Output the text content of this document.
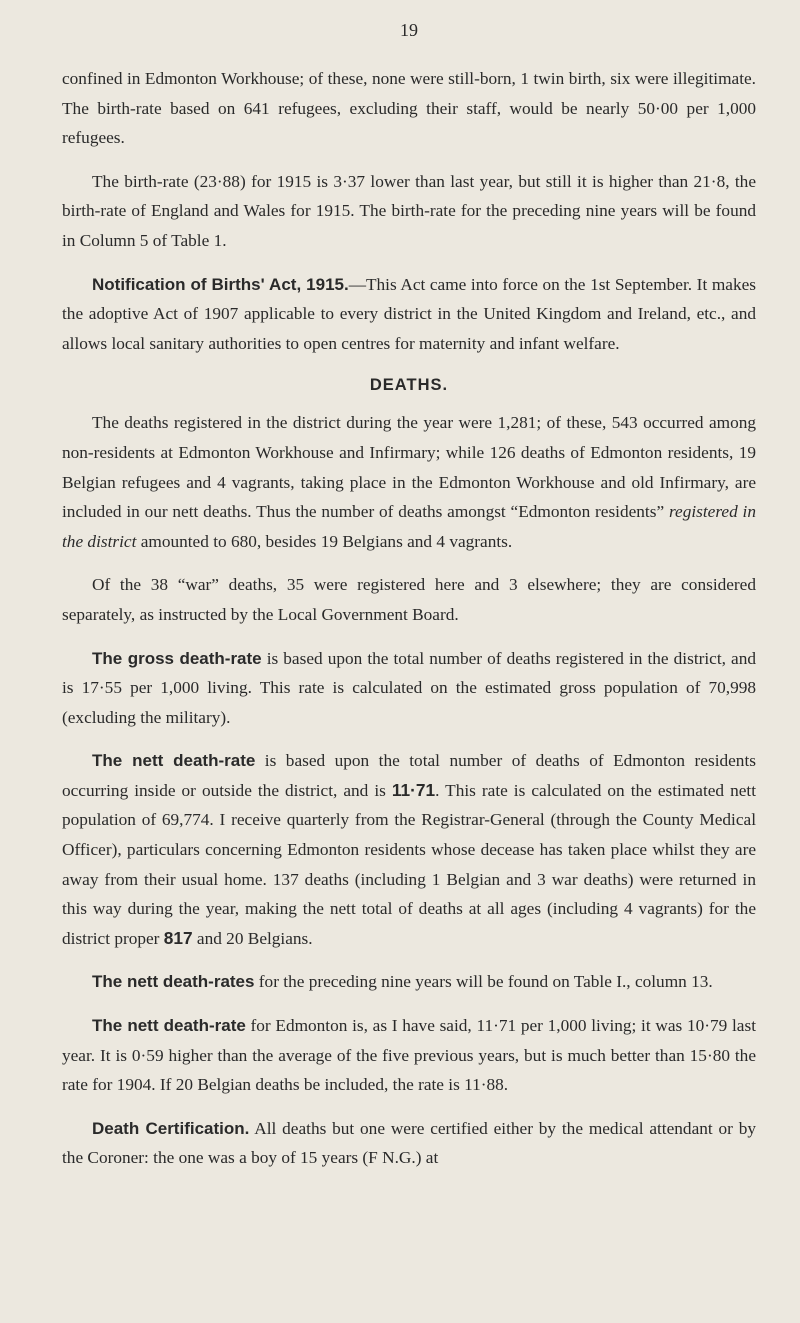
19

confined in Edmonton Workhouse; of these, none were still-born, 1 twin birth, six were illegitimate. The birth-rate based on 641 refugees, excluding their staff, would be nearly 50·00 per 1,000 refugees.

The birth-rate (23·88) for 1915 is 3·37 lower than last year, but still it is higher than 21·8, the birth-rate of England and Wales for 1915. The birth-rate for the preceding nine years will be found in Column 5 of Table 1.

Notification of Births' Act, 1915.—This Act came into force on the 1st September. It makes the adoptive Act of 1907 applicable to every district in the United Kingdom and Ireland, etc., and allows local sanitary authorities to open centres for maternity and infant welfare.

DEATHS.

The deaths registered in the district during the year were 1,281; of these, 543 occurred among non-residents at Edmonton Workhouse and Infirmary; while 126 deaths of Edmonton residents, 19 Belgian refugees and 4 vagrants, taking place in the Edmonton Workhouse and old Infirmary, are included in our nett deaths. Thus the number of deaths amongst “Edmonton residents” registered in the district amounted to 680, besides 19 Belgians and 4 vagrants.

Of the 38 “war” deaths, 35 were registered here and 3 elsewhere; they are considered separately, as instructed by the Local Government Board.

The gross death-rate is based upon the total number of deaths registered in the district, and is 17·55 per 1,000 living. This rate is calculated on the estimated gross population of 70,998 (excluding the military).

The nett death-rate is based upon the total number of deaths of Edmonton residents occurring inside or outside the district, and is 11·71. This rate is calculated on the estimated nett population of 69,774. I receive quarterly from the Registrar-General (through the County Medical Officer), particulars concerning Edmonton residents whose decease has taken place whilst they are away from their usual home. 137 deaths (including 1 Belgian and 3 war deaths) were returned in this way during the year, making the nett total of deaths at all ages (including 4 vagrants) for the district proper 817 and 20 Belgians.

The nett death-rates for the preceding nine years will be found on Table I., column 13.

The nett death-rate for Edmonton is, as I have said, 11·71 per 1,000 living; it was 10·79 last year. It is 0·59 higher than the average of the five previous years, but is much better than 15·80 the rate for 1904. If 20 Belgian deaths be included, the rate is 11·88.

Death Certification. All deaths but one were certified either by the medical attendant or by the Coroner: the one was a boy of 15 years (F N.G.) at
